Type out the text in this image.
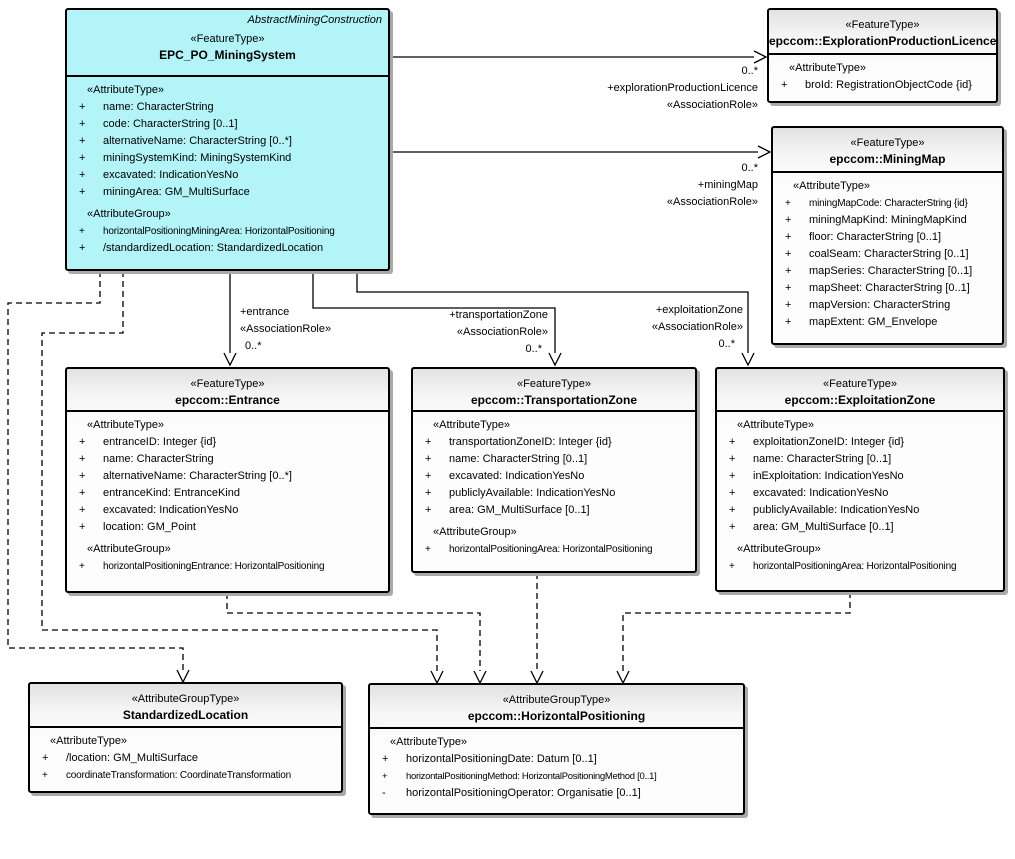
AbstractMiningConstruction
«FeatureType»
EPC_PO_MiningSystem
«AttributeType»
+ name: CharacterString
+ code: CharacterString [0..1]
+ alternativeName: CharacterString [0..*]
+ miningSystemKind: MiningSystemKind
+ excavated: IndicationYesNo
+ miningArea: GM_MultiSurface
«AttributeGroup»
+ horizontalPositioningMiningArea: HorizontalPositioning
+ /standardizedLocation: StandardizedLocation
«FeatureType»
epccom::ExplorationProductionLicence
«AttributeType»
+ broId: RegistrationObjectCode {id}
«FeatureType»
epccom::MiningMap
«AttributeType»
+ miningMapCode: CharacterString {id}
+ miningMapKind: MiningMapKind
+ floor: CharacterString [0..1]
+ coalSeam: CharacterString [0..1]
+ mapSeries: CharacterString [0..1]
+ mapSheet: CharacterString [0..1]
+ mapVersion: CharacterString
+ mapExtent: GM_Envelope
«FeatureType»
epccom::Entrance
«AttributeType»
+ entranceID: Integer {id}
+ name: CharacterString
+ alternativeName: CharacterString [0..*]
+ entranceKind: EntranceKind
+ excavated: IndicationYesNo
+ location: GM_Point
«AttributeGroup»
+ horizontalPositioningEntrance: HorizontalPositioning
«FeatureType»
epccom::TransportationZone
«AttributeType»
+ transportationZoneID: Integer {id}
+ name: CharacterString [0..1]
+ excavated: IndicationYesNo
+ publiclyAvailable: IndicationYesNo
+ area: GM_MultiSurface [0..1]
«AttributeGroup»
+ horizontalPositioningArea: HorizontalPositioning
«FeatureType»
epccom::ExploitationZone
«AttributeType»
+ exploitationZoneID: Integer {id}
+ name: CharacterString [0..1]
+ inExploitation: IndicationYesNo
+ excavated: IndicationYesNo
+ publiclyAvailable: IndicationYesNo
+ area: GM_MultiSurface [0..1]
«AttributeGroup»
+ horizontalPositioningArea: HorizontalPositioning
«AttributeGroupType»
StandardizedLocation
«AttributeType»
+ /location: GM_MultiSurface
+ coordinateTransformation: CoordinateTransformation
«AttributeGroupType»
epccom::HorizontalPositioning
«AttributeType»
+ horizontalPositioningDate: Datum [0..1]
+ horizontalPositioningMethod: HorizontalPositioningMethod [0..1]
- horizontalPositioningOperator: Organisatie [0..1]
0..*
+explorationProductionLicence
«AssociationRole»
0..*
+miningMap
«AssociationRole»
+entrance
«AssociationRole»
0..*
+transportationZone
«AssociationRole»
0..*
+exploitationZone
«AssociationRole»
0..*
